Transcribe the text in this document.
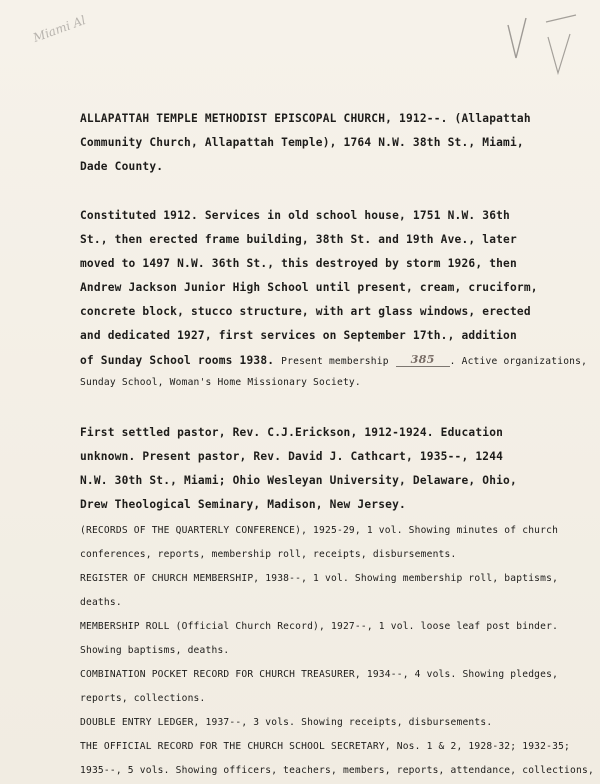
Miami Al
ALLAPATTAH TEMPLE METHODIST EPISCOPAL CHURCH, 1912--. (Allapattah
Community Church, Allapattah Temple), 1764 N.W. 38th St., Miami,
Dade County.
Constituted 1912. Services in old school house, 1751 N.W. 36th
St., then erected frame building, 38th St. and 19th Ave., later
moved to 1497 N.W. 36th St., this destroyed by storm 1926, then
Andrew Jackson Junior High School until present, cream, cruciform,
concrete block, stucco structure, with art glass windows, erected
and dedicated 1927, first services on September 17th., addition
of Sunday School rooms 1938. Present membership 385 . Active organizations,
Sunday School, Woman's Home Missionary Society.
First settled pastor, Rev. C.J.Erickson, 1912-1924. Education
unknown. Present pastor, Rev. David J. Cathcart, 1935--, 1244
N.W. 30th St., Miami; Ohio Wesleyan University, Delaware, Ohio,
Drew Theological Seminary, Madison, New Jersey.
(RECORDS OF THE QUARTERLY CONFERENCE), 1925-29, 1 vol. Showing minutes of church
conferences, reports, membership roll, receipts, disbursements.
REGISTER OF CHURCH MEMBERSHIP, 1938--, 1 vol. Showing membership roll, baptisms,
deaths.
MEMBERSHIP ROLL (Official Church Record), 1927--, 1 vol. loose leaf post binder.
Showing baptisms, deaths.
COMBINATION POCKET RECORD FOR CHURCH TREASURER, 1934--, 4 vols. Showing pledges,
reports, collections.
DOUBLE ENTRY LEDGER, 1937--, 3 vols. Showing receipts, disbursements.
THE OFFICIAL RECORD FOR THE CHURCH SCHOOL SECRETARY, Nos. 1 & 2, 1928-32; 1932-35;
1935--, 5 vols. Showing officers, teachers, members, reports, attendance, collections,
